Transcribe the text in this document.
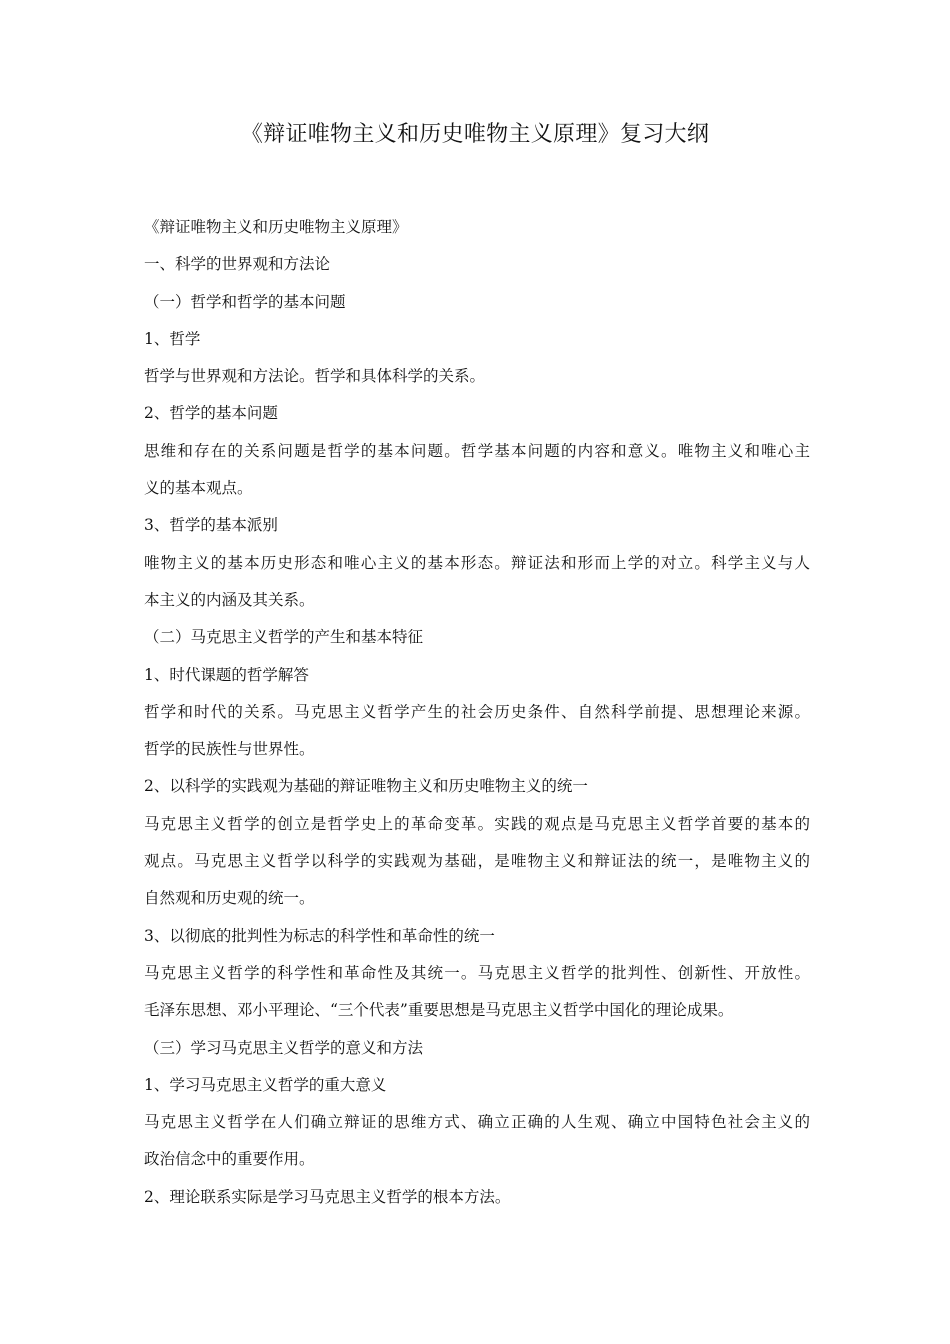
《辩证唯物主义和历史唯物主义原理》复习大纲
《辩证唯物主义和历史唯物主义原理》
一、科学的世界观和方法论
（一）哲学和哲学的基本问题
1、哲学
哲学与世界观和方法论。哲学和具体科学的关系。
2、哲学的基本问题
思维和存在的关系问题是哲学的基本问题。哲学基本问题的内容和意义。唯物主义和唯心主
义的基本观点。
3、哲学的基本派别
唯物主义的基本历史形态和唯心主义的基本形态。辩证法和形而上学的对立。科学主义与人
本主义的内涵及其关系。
（二）马克思主义哲学的产生和基本特征
1、时代课题的哲学解答
哲学和时代的关系。马克思主义哲学产生的社会历史条件、自然科学前提、思想理论来源。
哲学的民族性与世界性。
2、以科学的实践观为基础的辩证唯物主义和历史唯物主义的统一
马克思主义哲学的创立是哲学史上的革命变革。实践的观点是马克思主义哲学首要的基本的
观点。马克思主义哲学以科学的实践观为基础，是唯物主义和辩证法的统一，是唯物主义的
自然观和历史观的统一。
3、以彻底的批判性为标志的科学性和革命性的统一
马克思主义哲学的科学性和革命性及其统一。马克思主义哲学的批判性、创新性、开放性。
毛泽东思想、邓小平理论、“三个代表”重要思想是马克思主义哲学中国化的理论成果。
（三）学习马克思主义哲学的意义和方法
1、学习马克思主义哲学的重大意义
马克思主义哲学在人们确立辩证的思维方式、确立正确的人生观、确立中国特色社会主义的
政治信念中的重要作用。
2、理论联系实际是学习马克思主义哲学的根本方法。
